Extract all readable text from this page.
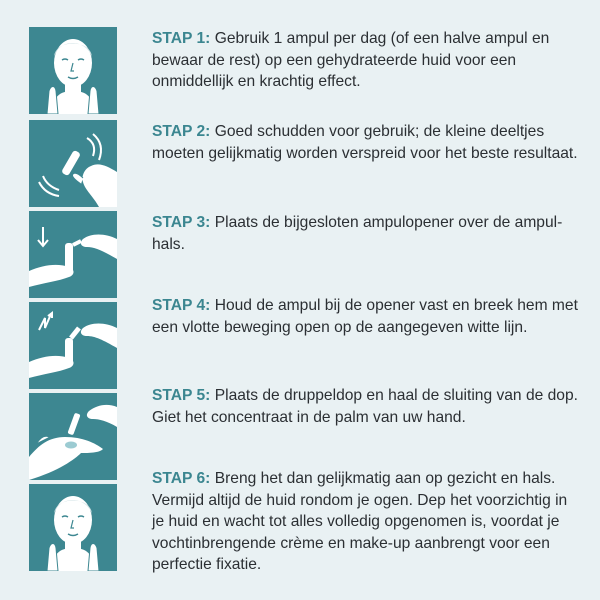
STAP 1: Gebruik 1 ampul per dag (of een halve ampul en bewaar de rest) op een gehydrateerde huid voor een onmiddellijk en krachtig effect.
STAP 2: Goed schudden voor gebruik; de kleine deeltjes moeten gelijkmatig worden verspreid voor het beste resultaat.
STAP 3: Plaats de bijgesloten ampulopener over de ampul-hals.
STAP 4: Houd de ampul bij de opener vast en breek hem met een vlotte beweging open op de aangegeven witte lijn.
STAP 5: Plaats de druppeldop en haal de sluiting van de dop. Giet het concentraat in de palm van uw hand.
STAP 6: Breng het dan gelijkmatig aan op gezicht en hals. Vermijd altijd de huid rondom je ogen. Dep het voorzichtig in je huid en wacht tot alles volledig opgenomen is, voordat je vochtinbrengende crème en make-up aanbrengt voor een perfectie fixatie.
